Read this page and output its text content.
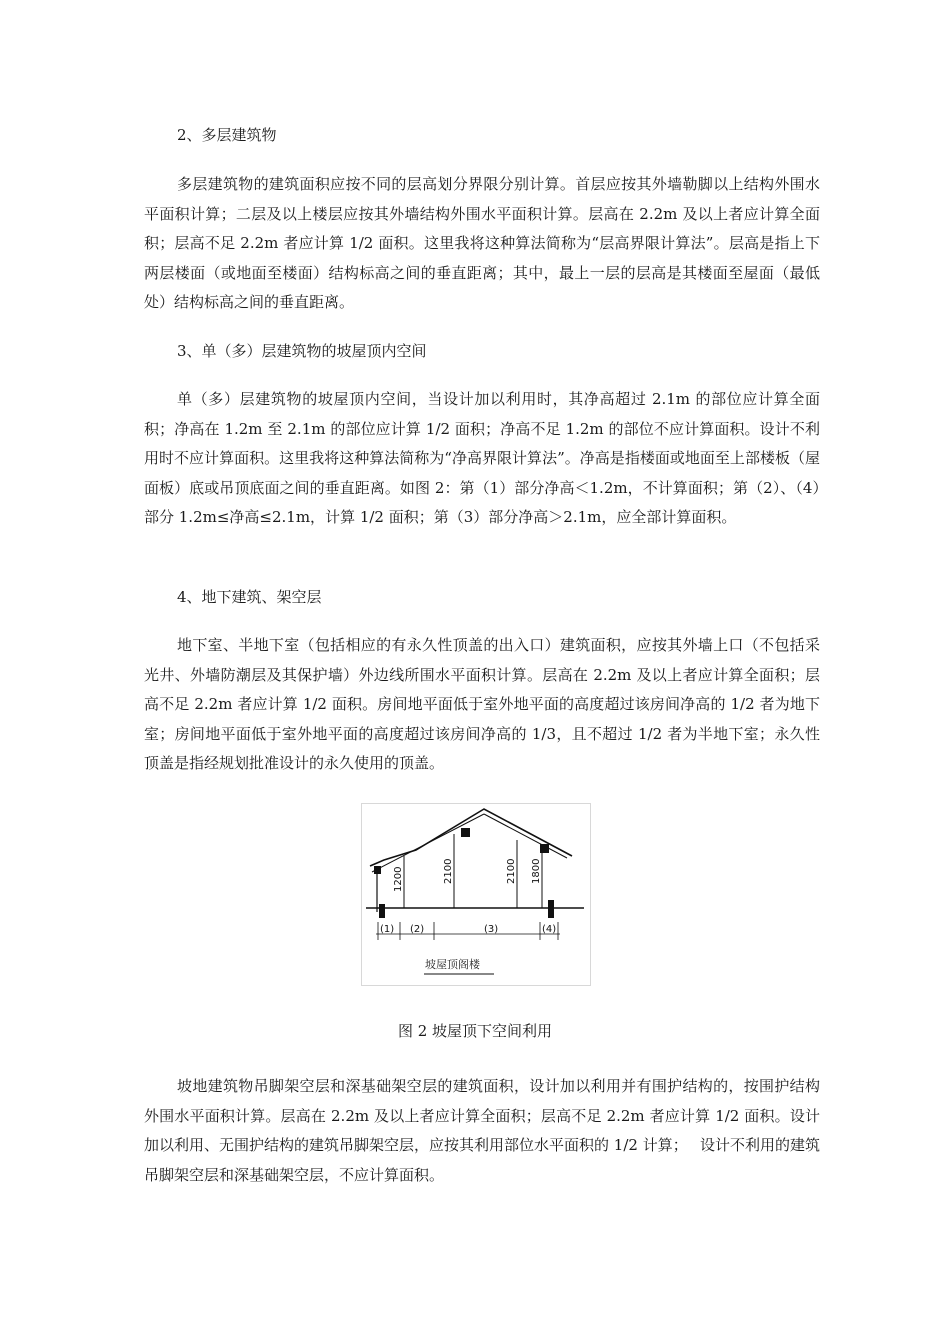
2、多层建筑物
多层建筑物的建筑面积应按不同的层高划分界限分别计算。首层应按其外墙勒脚以上结构外围水平面积计算；二层及以上楼层应按其外墙结构外围水平面积计算。层高在 2.2m 及以上者应计算全面积；层高不足 2.2m 者应计算 1/2 面积。这里我将这种算法简称为“层高界限计算法”。层高是指上下两层楼面（或地面至楼面）结构标高之间的垂直距离；其中，最上一层的层高是其楼面至屋面（最低处）结构标高之间的垂直距离。
3、单（多）层建筑物的坡屋顶内空间
单（多）层建筑物的坡屋顶内空间，当设计加以利用时，其净高超过 2.1m 的部位应计算全面积；净高在 1.2m 至 2.1m 的部位应计算 1/2 面积；净高不足 1.2m 的部位不应计算面积。设计不利用时不应计算面积。这里我将这种算法简称为“净高界限计算法”。净高是指楼面或地面至上部楼板（屋面板）底或吊顶底面之间的垂直距离。如图 2：第（1）部分净高＜1.2m，不计算面积；第（2）、（4）部分 1.2m≤净高≤2.1m，计算 1/2 面积；第（3）部分净高＞2.1m，应全部计算面积。
4、地下建筑、架空层
地下室、半地下室（包括相应的有永久性顶盖的出入口）建筑面积，应按其外墙上口（不包括采光井、外墙防潮层及其保护墙）外边线所围水平面积计算。层高在 2.2m 及以上者应计算全面积；层高不足 2.2m 者应计算 1/2 面积。房间地平面低于室外地平面的高度超过该房间净高的 1/2 者为地下室；房间地平面低于室外地平面的高度超过该房间净高的 1/3，且不超过 1/2 者为半地下室；永久性顶盖是指经规划批准设计的永久使用的顶盖。
1200	2100	2100 1800
(1) (2)	(3)	(4)
坡屋顶阁楼
图 2 坡屋顶下空间利用
坡地建筑物吊脚架空层和深基础架空层的建筑面积，设计加以利用并有围护结构的，按围护结构外围水平面积计算。层高在 2.2m 及以上者应计算全面积；层高不足 2.2m 者应计算 1/2 面积。设计加以利用、无围护结构的建筑吊脚架空层，应按其利用部位水平面积的 1/2 计算；　 设计不利用的建筑吊脚架空层和深基础架空层，不应计算面积。
